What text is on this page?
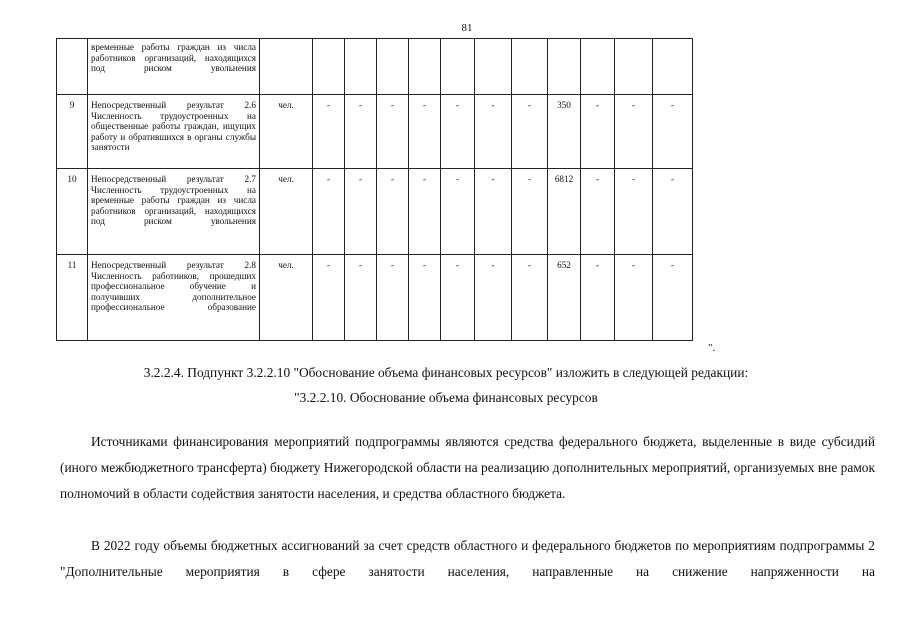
81
	временные работы граждан из числа работников организаций, находящихся под риском увольнения												
9	Непосредственный результат 2.6 Численность трудоустроенных на общественные работы граждан, ищущих работу и обратившихся в органы службы занятости	чел.	-	-	-	-	-	-	-	350	-	-	-
10	Непосредственный результат 2.7 Численность трудоустроенных на временные работы граждан из числа работников организаций, находящихся под риском увольнения	чел.	-	-	-	-	-	-	-	6812	-	-	-
11	Непосредственный результат 2.8 Численность работников, прошедших профессиональное обучение и получивших дополнительное профессиональное образование	чел.	-	-	-	-	-	-	-	652	-	-	-
".

3.2.2.4. Подпункт 3.2.2.10 "Обоснование объема финансовых ресурсов" изложить в следующей редакции:

"3.2.2.10. Обоснование объема финансовых ресурсов

Источниками финансирования мероприятий подпрограммы являются средства федерального бюджета, выделенные в виде субсидий (иного межбюджетного трансферта) бюджету Нижегородской области на реализацию дополнительных мероприятий, организуемых вне рамок полномочий в области содействия занятости населения, и средства областного бюджета.

В 2022 году объемы бюджетных ассигнований за счет средств областного и федерального бюджетов по мероприятиям подпрограммы 2 "Дополнительные мероприятия в сфере занятости населения, направленные на снижение напряженности на
